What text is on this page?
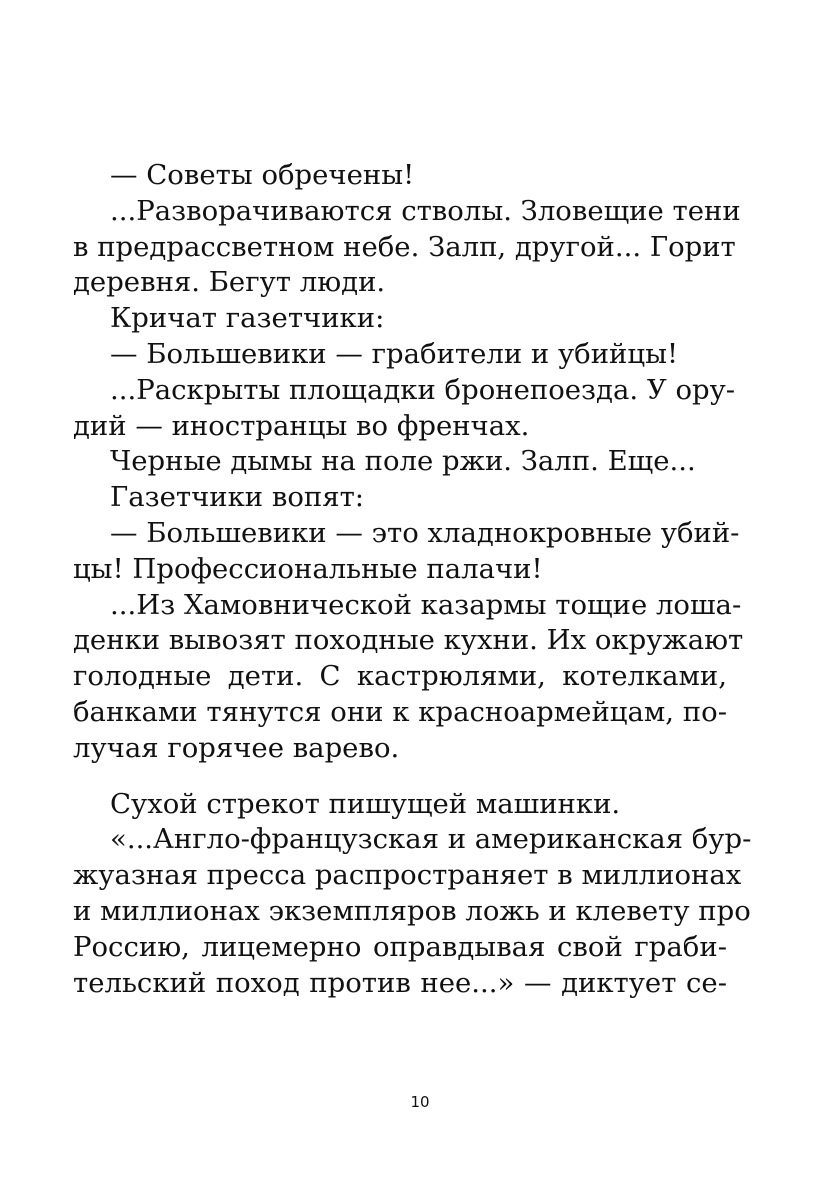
— Советы обречены!
...Разворачиваются стволы. Зловещие тени
в предрассветном небе. Залп, другой... Горит
деревня. Бегут люди.
Кричат газетчики:
— Большевики — грабители и убийцы!
...Раскрыты площадки бронепоезда. У ору-
дий — иностранцы во френчах.
Черные дымы на поле ржи. Залп. Еще...
Газетчики вопят:
— Большевики — это хладнокровные убий-
цы! Профессиональные палачи!
...Из Хамовнической казармы тощие лоша-
денки вывозят походные кухни. Их окружают
голодные дети. С кастрюлями, котелками,
банками тянутся они к красноармейцам, по-
лучая горячее варево.
Сухой стрекот пишущей машинки.
«...Англо-французская и американская бур-
жуазная пресса распространяет в миллионах
и миллионах экземпляров ложь и клевету про
Россию, лицемерно оправдывая свой граби-
тельский поход против нее...» — диктует се-
10
